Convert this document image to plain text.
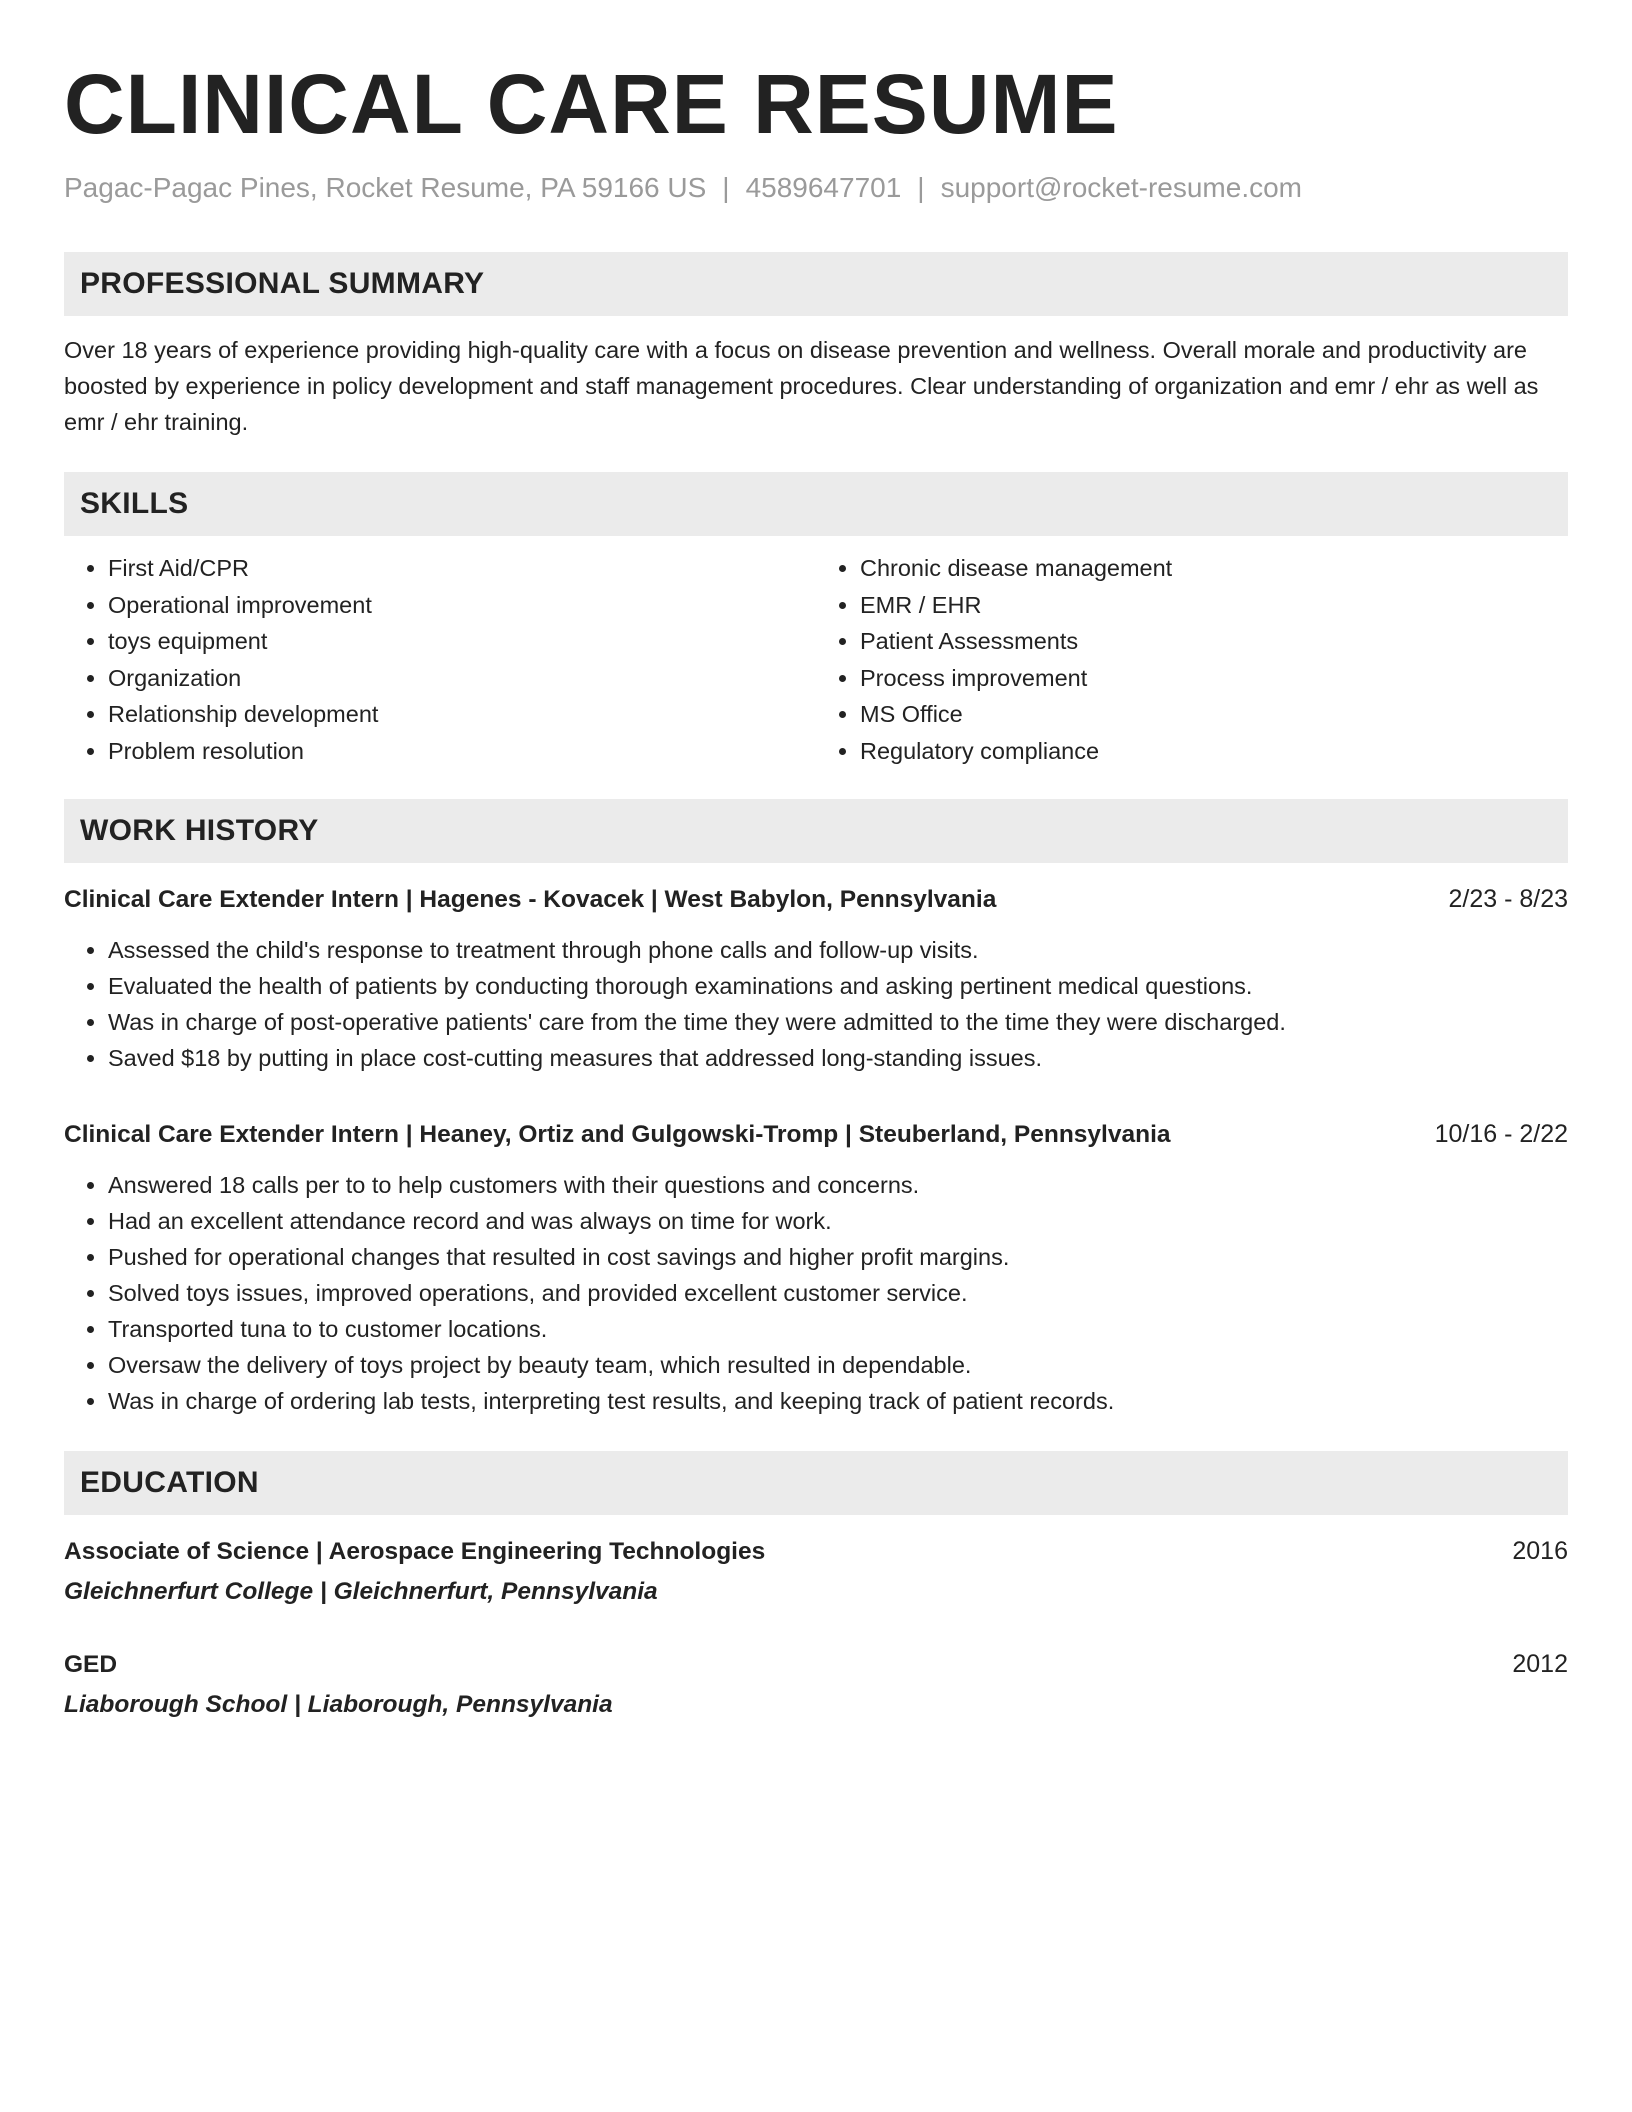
CLINICAL CARE RESUME
Pagac-Pagac Pines, Rocket Resume, PA 59166 US | 4589647701 | support@rocket-resume.com
PROFESSIONAL SUMMARY
Over 18 years of experience providing high-quality care with a focus on disease prevention and wellness. Overall morale and productivity are boosted by experience in policy development and staff management procedures. Clear understanding of organization and emr / ehr as well as emr / ehr training.
SKILLS
• First Aid/CPR
• Operational improvement
• toys equipment
• Organization
• Relationship development
• Problem resolution
• Chronic disease management
• EMR / EHR
• Patient Assessments
• Process improvement
• MS Office
• Regulatory compliance
WORK HISTORY
Clinical Care Extender Intern | Hagenes - Kovacek | West Babylon, Pennsylvania	2/23 - 8/23
• Assessed the child's response to treatment through phone calls and follow-up visits.
• Evaluated the health of patients by conducting thorough examinations and asking pertinent medical questions.
• Was in charge of post-operative patients' care from the time they were admitted to the time they were discharged.
• Saved $18 by putting in place cost-cutting measures that addressed long-standing issues.
Clinical Care Extender Intern | Heaney, Ortiz and Gulgowski-Tromp | Steuberland, Pennsylvania	10/16 - 2/22
• Answered 18 calls per to to help customers with their questions and concerns.
• Had an excellent attendance record and was always on time for work.
• Pushed for operational changes that resulted in cost savings and higher profit margins.
• Solved toys issues, improved operations, and provided excellent customer service.
• Transported tuna to to customer locations.
• Oversaw the delivery of toys project by beauty team, which resulted in dependable.
• Was in charge of ordering lab tests, interpreting test results, and keeping track of patient records.
EDUCATION
Associate of Science | Aerospace Engineering Technologies	2016
Gleichnerfurt College | Gleichnerfurt, Pennsylvania
GED	2012
Liaborough School | Liaborough, Pennsylvania
